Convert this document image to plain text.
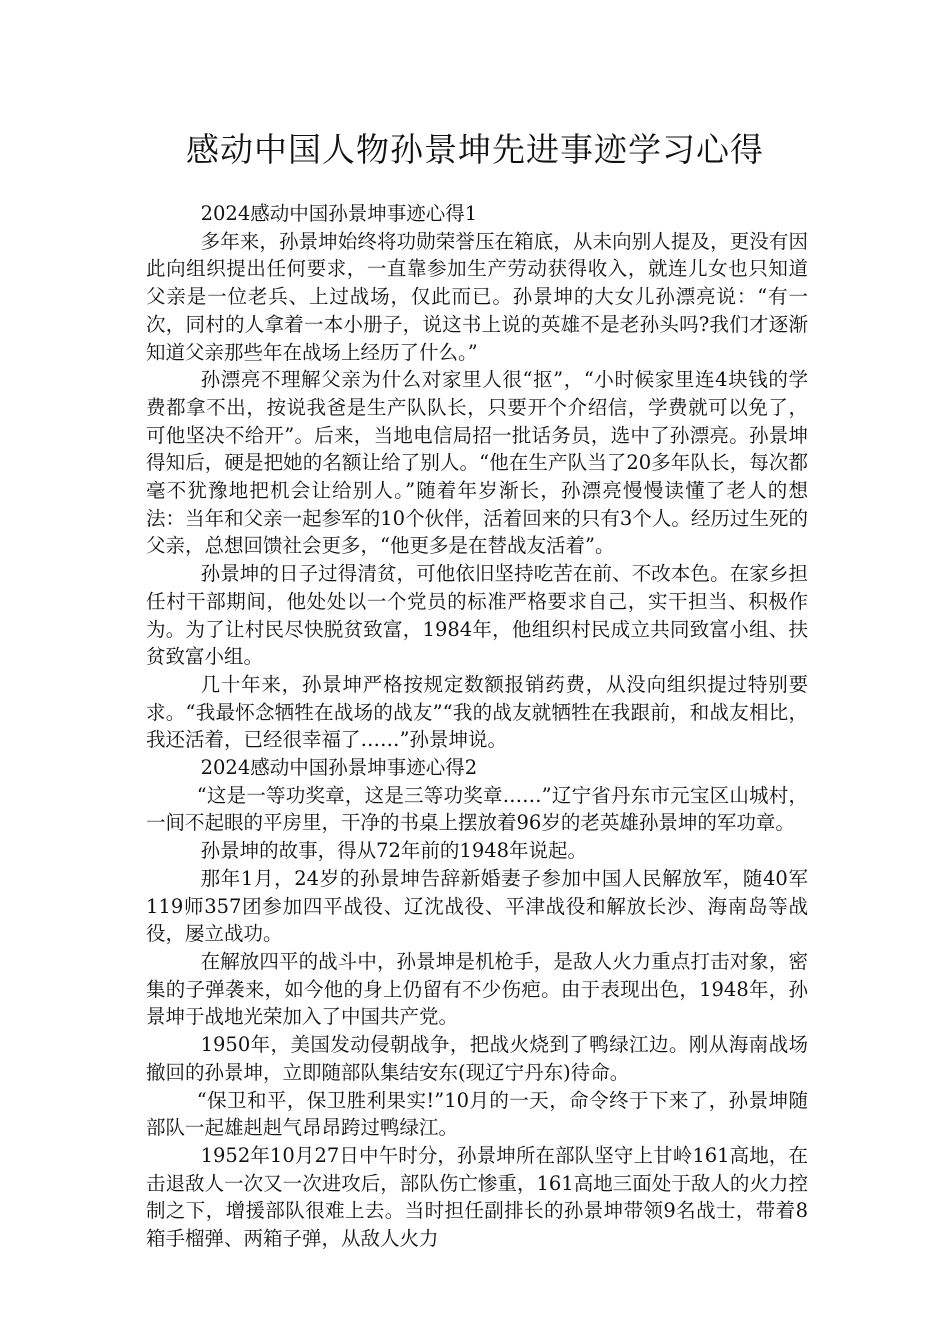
感动中国人物孙景坤先进事迹学习心得

2024感动中国孙景坤事迹心得1

多年来，孙景坤始终将功勋荣誉压在箱底，从未向别人提及，更没有因此向组织提出任何要求，一直靠参加生产劳动获得收入，就连儿女也只知道父亲是一位老兵、上过战场，仅此而已。孙景坤的大女儿孙漂亮说：“有一次，同村的人拿着一本小册子，说这书上说的英雄不是老孙头吗?我们才逐渐知道父亲那些年在战场上经历了什么。”

孙漂亮不理解父亲为什么对家里人很“抠”，“小时候家里连4块钱的学费都拿不出，按说我爸是生产队队长，只要开个介绍信，学费就可以免了，可他坚决不给开”。后来，当地电信局招一批话务员，选中了孙漂亮。孙景坤得知后，硬是把她的名额让给了别人。“他在生产队当了20多年队长，每次都毫不犹豫地把机会让给别人。”随着年岁渐长，孙漂亮慢慢读懂了老人的想法：当年和父亲一起参军的10个伙伴，活着回来的只有3个人。经历过生死的父亲，总想回馈社会更多，“他更多是在替战友活着”。

孙景坤的日子过得清贫，可他依旧坚持吃苦在前、不改本色。在家乡担任村干部期间，他处处以一个党员的标准严格要求自己，实干担当、积极作为。为了让村民尽快脱贫致富，1984年，他组织村民成立共同致富小组、扶贫致富小组。

几十年来，孙景坤严格按规定数额报销药费，从没向组织提过特别要求。“我最怀念牺牲在战场的战友”“我的战友就牺牲在我跟前，和战友相比，我还活着，已经很幸福了……”孙景坤说。

2024感动中国孙景坤事迹心得2

“这是一等功奖章，这是三等功奖章……”辽宁省丹东市元宝区山城村，一间不起眼的平房里，干净的书桌上摆放着96岁的老英雄孙景坤的军功章。

孙景坤的故事，得从72年前的1948年说起。

那年1月，24岁的孙景坤告辞新婚妻子参加中国人民解放军，随40军119师357团参加四平战役、辽沈战役、平津战役和解放长沙、海南岛等战役，屡立战功。

在解放四平的战斗中，孙景坤是机枪手，是敌人火力重点打击对象，密集的子弹袭来，如今他的身上仍留有不少伤疤。由于表现出色，1948年，孙景坤于战地光荣加入了中国共产党。

1950年，美国发动侵朝战争，把战火烧到了鸭绿江边。刚从海南战场撤回的孙景坤，立即随部队集结安东(现辽宁丹东)待命。

“保卫和平，保卫胜利果实!”10月的一天，命令终于下来了，孙景坤随部队一起雄赳赳气昂昂跨过鸭绿江。

1952年10月27日中午时分，孙景坤所在部队坚守上甘岭161高地，在击退敌人一次又一次进攻后，部队伤亡惨重，161高地三面处于敌人的火力控制之下，增援部队很难上去。当时担任副排长的孙景坤带领9名战士，带着8箱手榴弹、两箱子弹，从敌人火力
